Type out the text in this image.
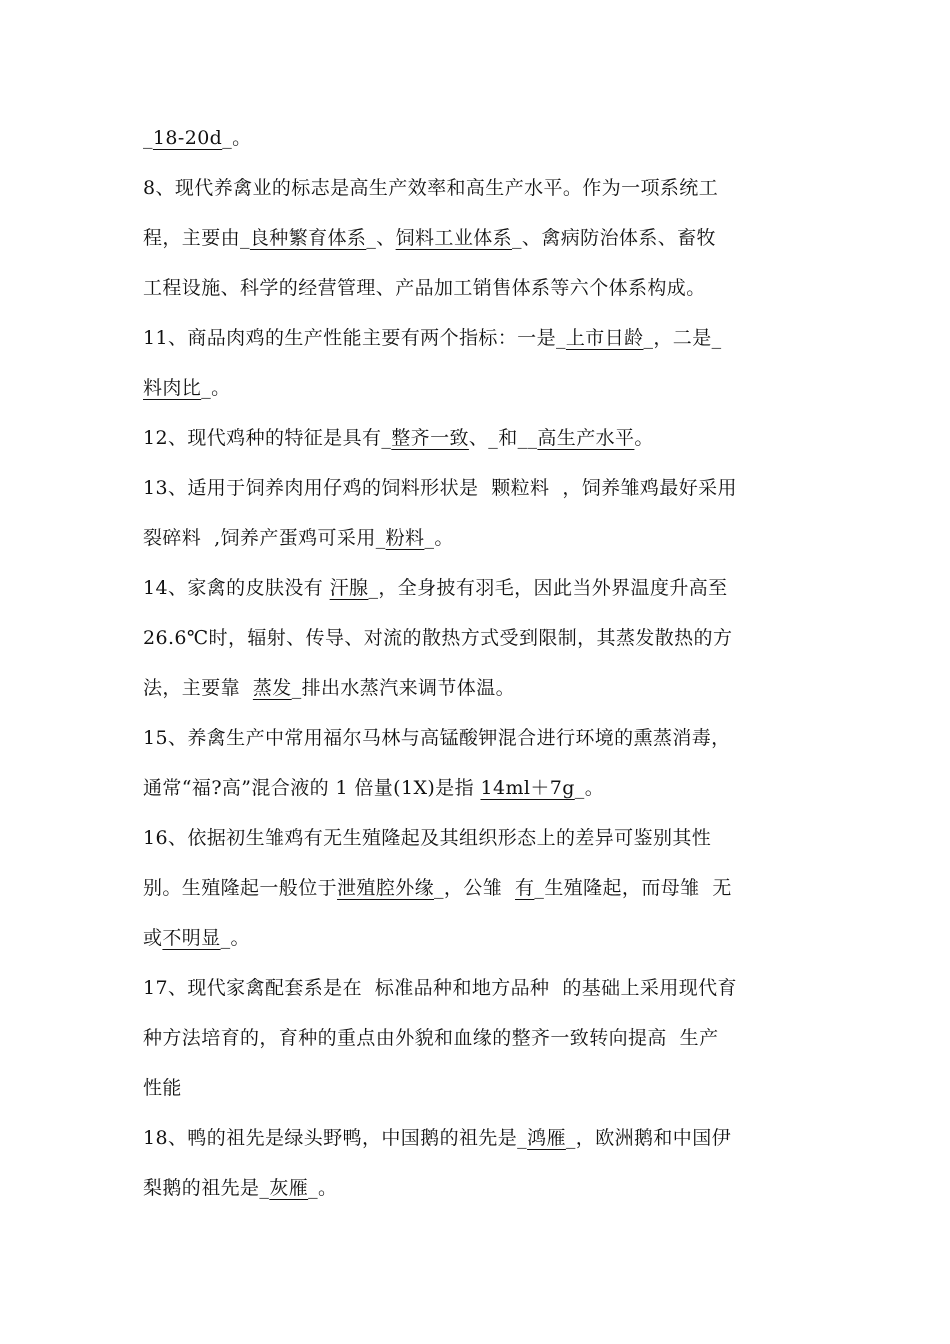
_18-20d_。
8、现代养禽业的标志是高生产效率和高生产水平。作为一项系统工
程，主要由_良种繁育体系_、饲料工业体系_、禽病防治体系、畜牧
工程设施、科学的经营管理、产品加工销售体系等六个体系构成。
11、商品肉鸡的生产性能主要有两个指标：一是_上市日龄_，二是_
料肉比_。
12、现代鸡种的特征是具有_整齐一致、_和__高生产水平。
13、适用于饲养肉用仔鸡的饲料形状是  颗粒料  ，饲养雏鸡最好采用
裂碎料  ,饲养产蛋鸡可采用_粉料_。
14、家禽的皮肤没有 汗腺_，全身披有羽毛，因此当外界温度升高至
26.6℃时，辐射、传导、对流的散热方式受到限制，其蒸发散热的方
法，主要靠  蒸发_排出水蒸汽来调节体温。
15、养禽生产中常用福尔马林与高锰酸钾混合进行环境的熏蒸消毒，
通常“福?高”混合液的 1 倍量(1X)是指 14ml＋7g_。
16、依据初生雏鸡有无生殖隆起及其组织形态上的差异可鉴别其性
别。生殖隆起一般位于泄殖腔外缘_，公雏  有_生殖隆起，而母雏  无
或不明显_。
17、现代家禽配套系是在  标准品种和地方品种  的基础上采用现代育
种方法培育的，育种的重点由外貌和血缘的整齐一致转向提高  生产
性能
18、鸭的祖先是绿头野鸭，中国鹅的祖先是_鸿雁_，欧洲鹅和中国伊
梨鹅的祖先是_灰雁_。
